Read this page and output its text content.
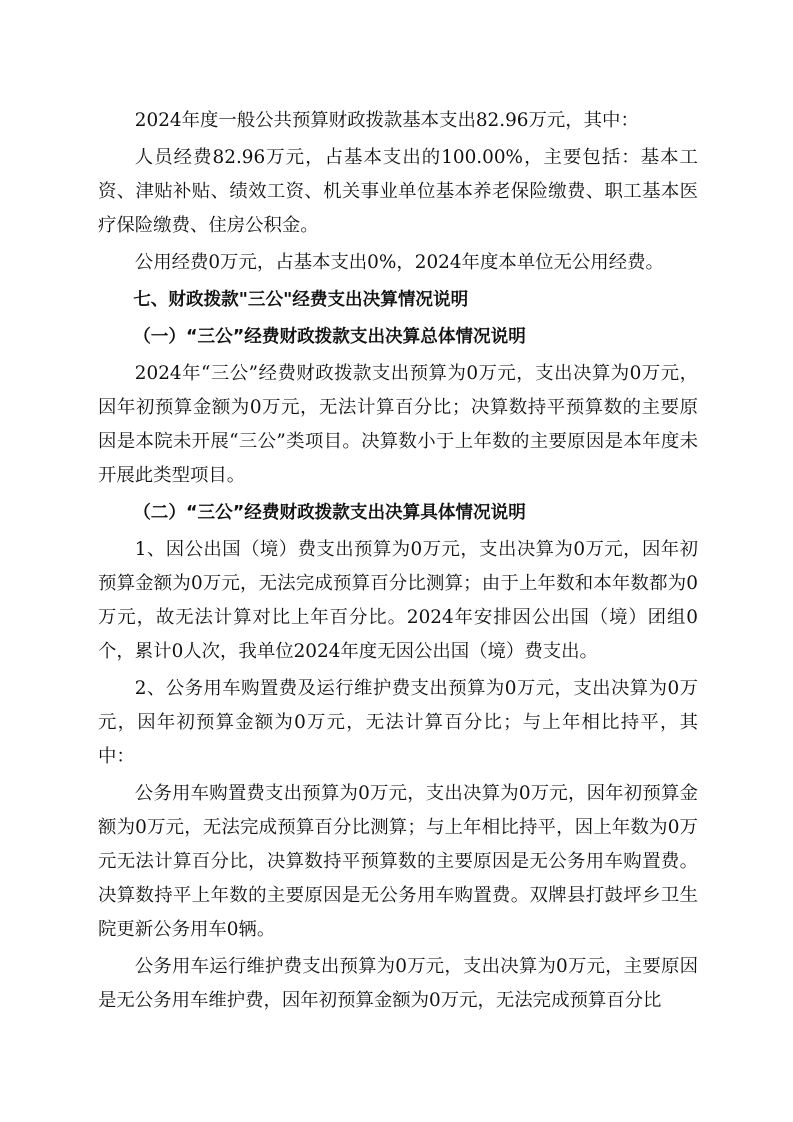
2024年度一般公共预算财政拨款基本支出82.96万元，其中：

人员经费82.96万元，占基本支出的100.00%，主要包括：基本工资、津贴补贴、绩效工资、机关事业单位基本养老保险缴费、职工基本医疗保险缴费、住房公积金。

公用经费0万元，占基本支出0%，2024年度本单位无公用经费。

七、财政拨款"三公"经费支出决算情况说明

（一）“三公”经费财政拨款支出决算总体情况说明

2024年“三公”经费财政拨款支出预算为0万元，支出决算为0万元，因年初预算金额为0万元，无法计算百分比；决算数持平预算数的主要原因是本院未开展“三公”类项目。决算数小于上年数的主要原因是本年度未开展此类型项目。

（二）“三公”经费财政拨款支出决算具体情况说明

1、因公出国（境）费支出预算为0万元，支出决算为0万元，因年初预算金额为0万元，无法完成预算百分比测算；由于上年数和本年数都为0万元，故无法计算对比上年百分比。2024年安排因公出国（境）团组0个，累计0人次，我单位2024年度无因公出国（境）费支出。

2、公务用车购置费及运行维护费支出预算为0万元，支出决算为0万元，因年初预算金额为0万元，无法计算百分比；与上年相比持平，其中：

公务用车购置费支出预算为0万元，支出决算为0万元，因年初预算金额为0万元，无法完成预算百分比测算；与上年相比持平，因上年数为0万元无法计算百分比，决算数持平预算数的主要原因是无公务用车购置费。决算数持平上年数的主要原因是无公务用车购置费。双牌县打鼓坪乡卫生院更新公务用车0辆。

公务用车运行维护费支出预算为0万元，支出决算为0万元，主要原因是无公务用车维护费，因年初预算金额为0万元，无法完成预算百分比
